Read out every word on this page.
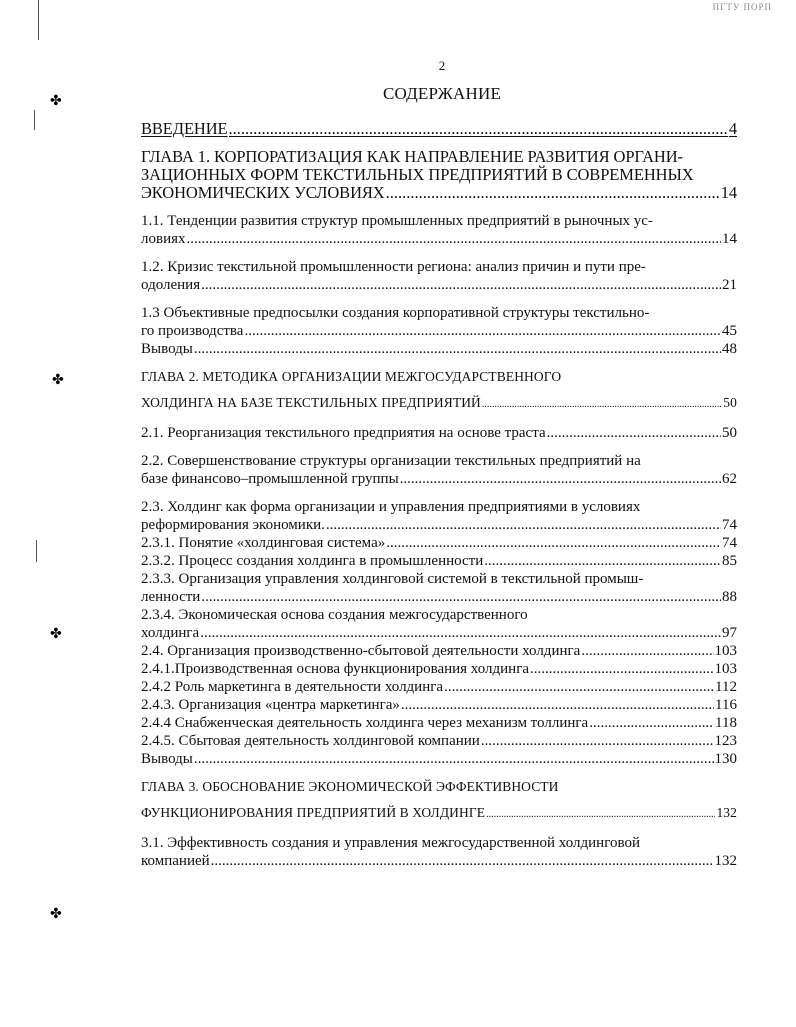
ПГТУ ПОРП
✤
✤
✤
✤
2
СОДЕРЖАНИЕ
ВВЕДЕНИЕ .....	4
ГЛАВА 1. КОРПОРАТИЗАЦИЯ КАК НАПРАВЛЕНИЕ РАЗВИТИЯ ОРГАНИ-
ЗАЦИОННЫХ ФОРМ ТЕКСТИЛЬНЫХ ПРЕДПРИЯТИЙ В СОВРЕМЕННЫХ
ЭКОНОМИЧЕСКИХ УСЛОВИЯХ .....	14
1.1. Тенденции развития структур промышленных предприятий в рыночных ус-
ловиях .....	14
1.2. Кризис текстильной промышленности региона: анализ причин и пути пре-
одоления .....	21
1.3 Объективные предпосылки создания корпоративной структуры текстильно-
го производства .....	45
Выводы .....	48
ГЛАВА 2. МЕТОДИКА ОРГАНИЗАЦИИ МЕЖГОСУДАРСТВЕННОГО

ХОЛДИНГА НА БАЗЕ ТЕКСТИЛЬНЫХ ПРЕДПРИЯТИЙ .....	50
2.1. Реорганизация текстильного предприятия на основе траста .....	50
2.2. Совершенствование структуры организации текстильных предприятий на
базе финансово–промышленной группы .....	62
2.3. Холдинг как форма организации и управления предприятиями в условиях
реформирования экономики. .....	74
2.3.1. Понятие «холдинговая система» .....	74
2.3.2. Процесс создания холдинга в промышленности .....	85
2.3.3. Организация управления холдинговой системой в текстильной промыш-
ленности .....	88
2.3.4. Экономическая основа создания межгосударственного
холдинга .....	97
2.4. Организация производственно-сбытовой деятельности холдинга .....	103
2.4.1.Производственная основа функционирования холдинга .....	103
2.4.2 Роль маркетинга в деятельности холдинга .....	112
2.4.3. Организация «центра маркетинга» .....	116
2.4.4 Снабженческая деятельность холдинга через механизм толлинга .....	118
2.4.5. Сбытовая деятельность холдинговой компании .....	123
Выводы .....	130
ГЛАВА 3. ОБОСНОВАНИЕ ЭКОНОМИЧЕСКОЙ ЭФФЕКТИВНОСТИ

ФУНКЦИОНИРОВАНИЯ ПРЕДПРИЯТИЙ В ХОЛДИНГЕ .....	132
3.1. Эффективность создания и управления межгосударственной холдинговой
компанией .....	132
